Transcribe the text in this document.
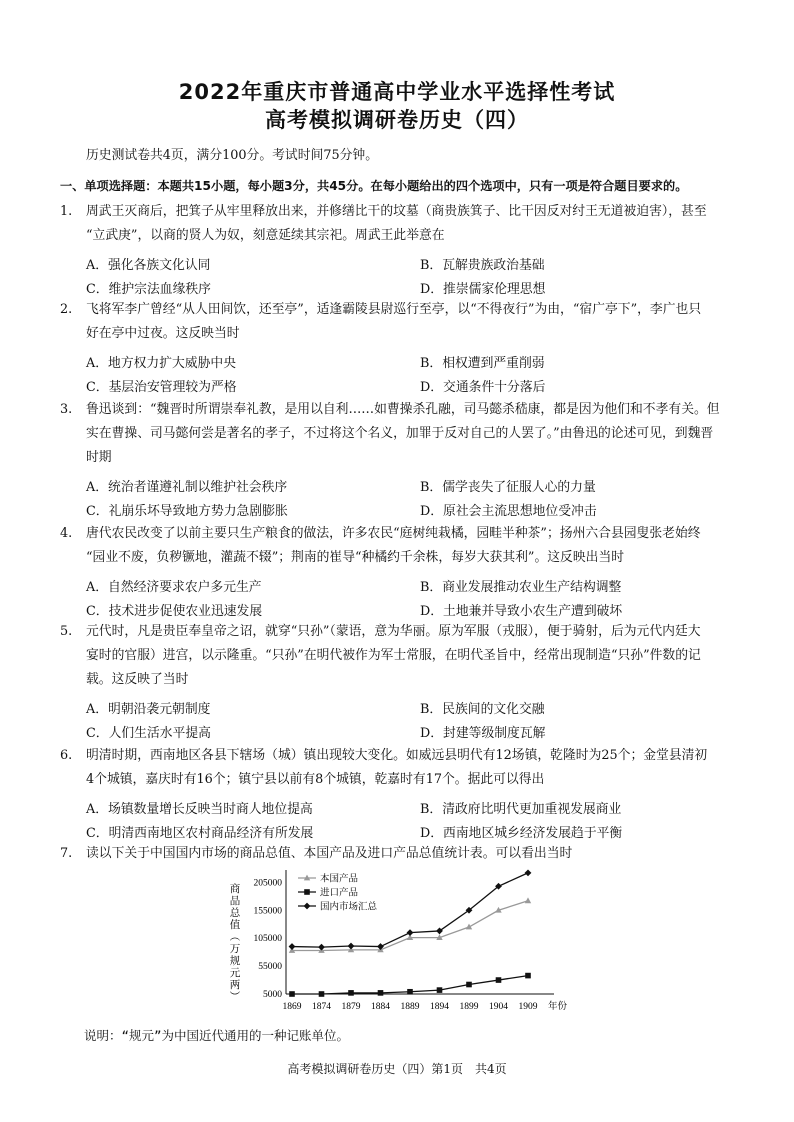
2022年重庆市普通高中学业水平选择性考试
高考模拟调研卷历史（四）
历史测试卷共4页，满分100分。考试时间75分钟。
一、单项选择题：本题共15小题，每小题3分，共45分。在每小题给出的四个选项中，只有一项是符合题目要求的。
1. 周武王灭商后，把箕子从牢里释放出来，并修缮比干的坟墓（商贵族箕子、比干因反对纣王无道被迫害），甚至
“立武庚”，以商的贤人为奴，刻意延续其宗祀。周武王此举意在
A．强化各族文化认同	B．瓦解贵族政治基础
C．维护宗法血缘秩序	D．推崇儒家伦理思想
2. 飞将军李广曾经“从人田间饮，还至亭”，适逢霸陵县尉巡行至亭，以“不得夜行”为由，“宿广亭下”，李广也只
好在亭中过夜。这反映当时
A．地方权力扩大威胁中央	B．相权遭到严重削弱
C．基层治安管理较为严格	D．交通条件十分落后
3. 鲁迅谈到：“魏晋时所谓崇奉礼教，是用以自利……如曹操杀孔融，司马懿杀嵇康，都是因为他们和不孝有关。但
实在曹操、司马懿何尝是著名的孝子，不过将这个名义，加罪于反对自己的人罢了。”由鲁迅的论述可见，到魏晋
时期
A．统治者谨遵礼制以维护社会秩序	B．儒学丧失了征服人心的力量
C．礼崩乐坏导致地方势力急剧膨胀	D．原社会主流思想地位受冲击
4. 唐代农民改变了以前主要只生产粮食的做法，许多农民“庭树纯栽橘，园畦半种茶”；扬州六合县园叟张老始终
“园业不废，负秽镢地，灌蔬不辍”；荆南的崔导“种橘约千余株，每岁大获其利”。这反映出当时
A．自然经济要求农户多元生产	B．商业发展推动农业生产结构调整
C．技术进步促使农业迅速发展	D．土地兼并导致小农生产遭到破坏
5. 元代时，凡是贵臣奉皇帝之诏，就穿“只孙”（蒙语，意为华丽。原为军服（戎服），便于骑射，后为元代内廷大
宴时的官服）进宫，以示隆重。“只孙”在明代被作为军士常服，在明代圣旨中，经常出现制造“只孙”件数的记
载。这反映了当时
A．明朝沿袭元朝制度	B．民族间的文化交融
C．人们生活水平提高	D．封建等级制度瓦解
6. 明清时期，西南地区各县下辖场（城）镇出现较大变化。如威远县明代有12场镇，乾隆时为25个；金堂县清初
4个城镇，嘉庆时有16个；镇宁县以前有8个城镇，乾嘉时有17个。据此可以得出
A．场镇数量增长反映当时商人地位提高	B．清政府比明代更加重视发展商业
C．明清西南地区农村商品经济有所发展	D．西南地区城乡经济发展趋于平衡
7. 读以下关于中国国内市场的商品总值、本国产品及进口产品总值统计表。可以看出当时
205000
155000
105000
55000
5000
1869 1874 1879 1884 1889 1894 1899 1904 1909 年份
商
品
总
值
（
万
规
元
两
）
本国产品
进口产品
国内市场汇总
说明：“规元”为中国近代通用的一种记账单位。
高考模拟调研卷历史（四）第1页　共4页
